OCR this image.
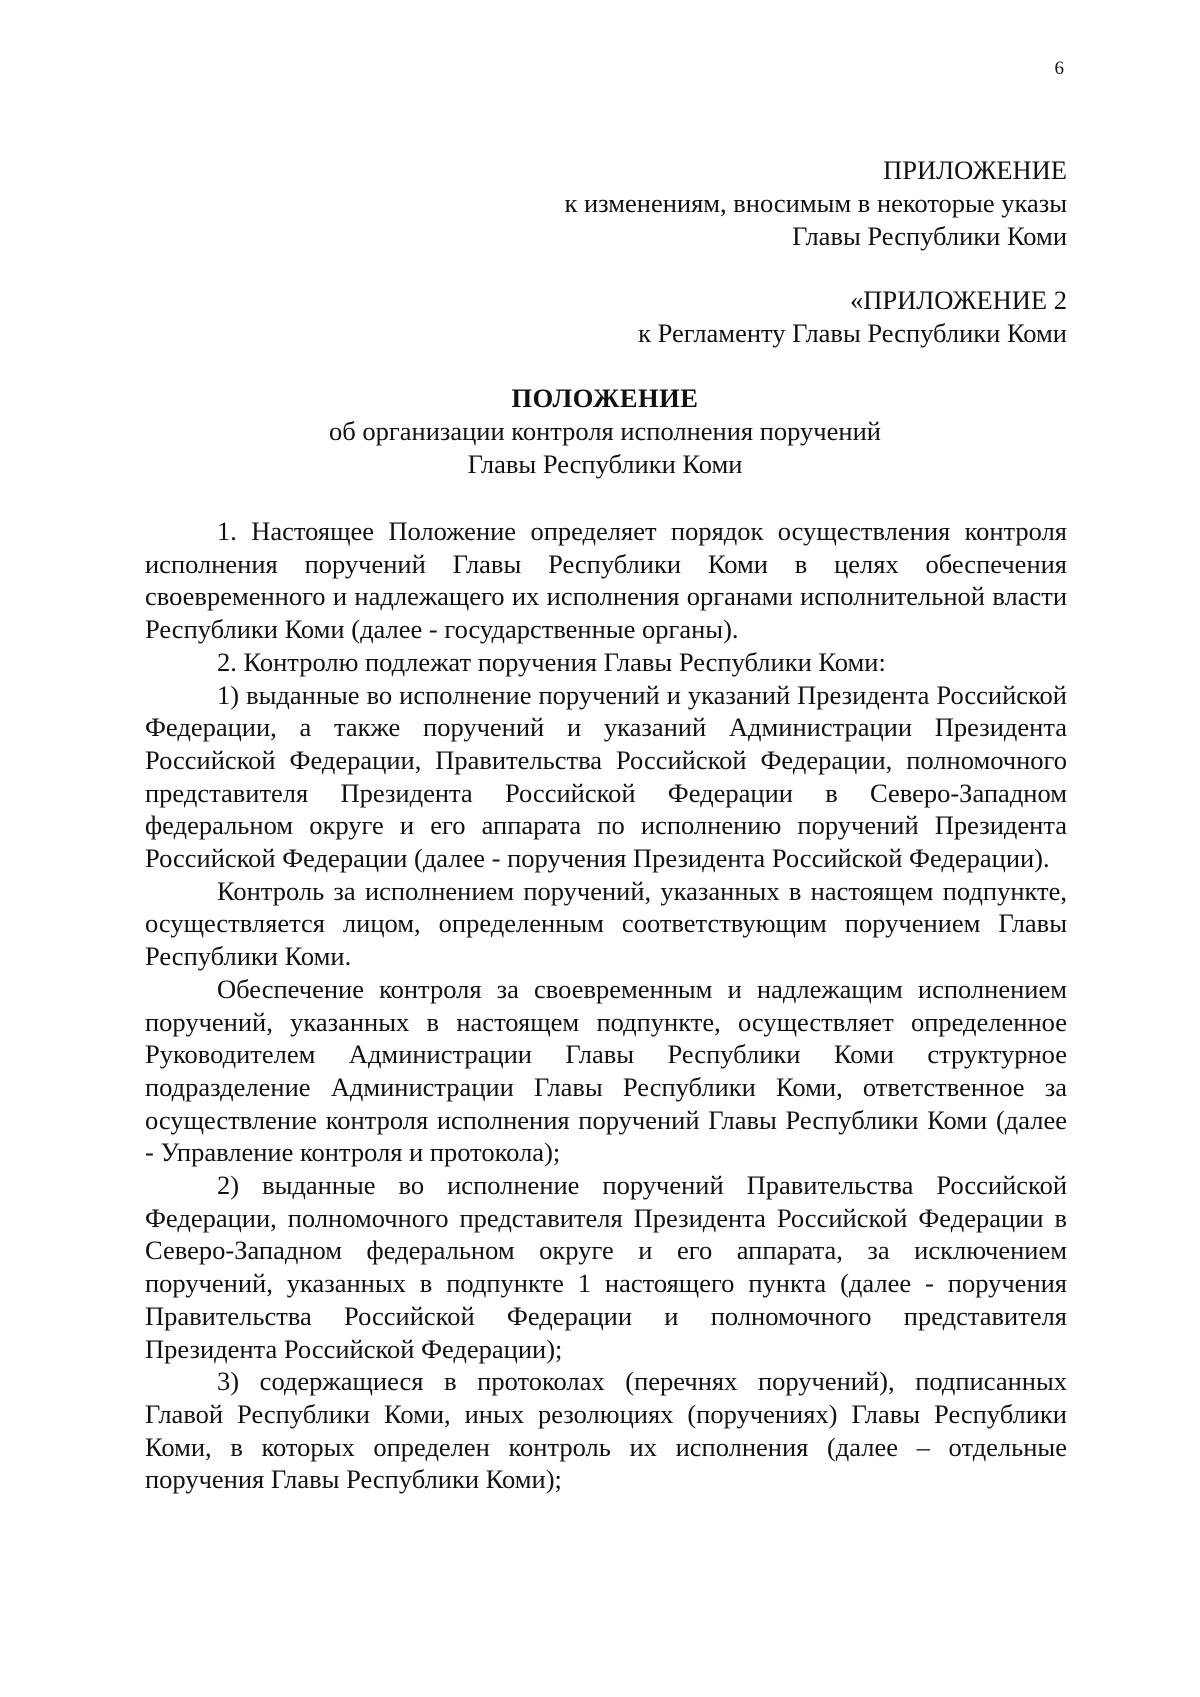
6
ПРИЛОЖЕНИЕ
к изменениям, вносимым в некоторые указы
Главы Республики Коми
«ПРИЛОЖЕНИЕ 2
к Регламенту Главы Республики Коми
ПОЛОЖЕНИЕ
об организации контроля исполнения поручений
Главы Республики Коми

1. Настоящее Положение определяет порядок осуществления контроля исполнения поручений Главы Республики Коми в целях обеспечения своевременного и надлежащего их исполнения органами исполнительной власти Республики Коми (далее - государственные органы).

2. Контролю подлежат поручения Главы Республики Коми:

1) выданные во исполнение поручений и указаний Президента Российской Федерации, а также поручений и указаний Администрации Президента Российской Федерации, Правительства Российской Федерации, полномочного представителя Президента Российской Федерации в Северо-Западном федеральном округе и его аппарата по исполнению поручений Президента Российской Федерации (далее - поручения Президента Российской Федерации).

Контроль за исполнением поручений, указанных в настоящем подпункте, осуществляется лицом, определенным соответствующим поручением Главы Республики Коми.

Обеспечение контроля за своевременным и надлежащим исполнением поручений, указанных в настоящем подпункте, осуществляет определенное Руководителем Администрации Главы Республики Коми структурное подразделение Администрации Главы Республики Коми, ответственное за осуществление контроля исполнения поручений Главы Республики Коми (далее - Управление контроля и протокола);

2) выданные во исполнение поручений Правительства Российской Федерации, полномочного представителя Президента Российской Федерации в Северо-Западном федеральном округе и его аппарата, за исключением поручений, указанных в подпункте 1 настоящего пункта (далее - поручения Правительства Российской Федерации и полномочного представителя Президента Российской Федерации);

3) содержащиеся в протоколах (перечнях поручений), подписанных Главой Республики Коми, иных резолюциях (поручениях) Главы Республики Коми, в которых определен контроль их исполнения (далее – отдельные поручения Главы Республики Коми);
